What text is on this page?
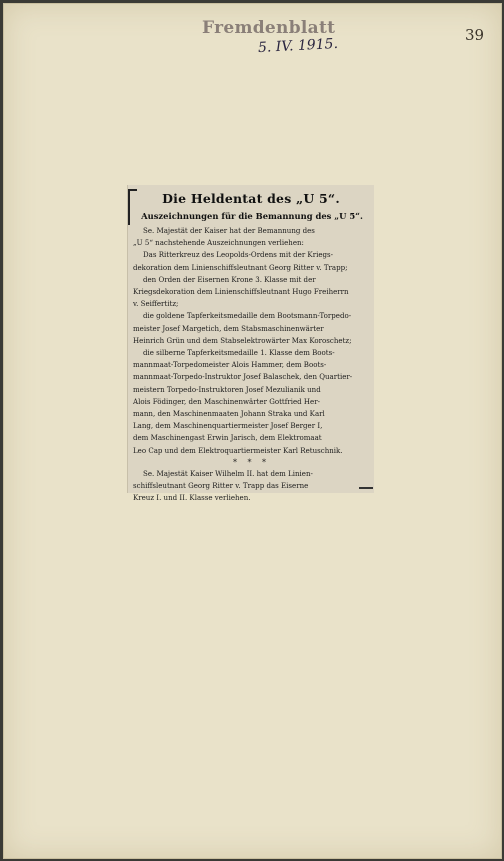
Fremdenblatt
5. IV. 1915.
39
Die Heldentat des „U 5“.
Auszeichnungen für die Bemannung des „U 5“.
Se. Majestät der Kaiser hat der Bemannung des
„U 5“ nachstehende Auszeichnungen verliehen:
Das Ritterkreuz des Leopolds-Ordens mit der Kriegs-
dekoration dem Linienschiffsleutnant Georg Ritter v. Trapp;
den Orden der Eisernen Krone 3. Klasse mit der
Kriegsdekoration dem Linienschiffsleutnant Hugo Freiherrn
v. Seiffertitz;
die goldene Tapferkeitsmedaille dem Bootsmann-Torpedo-
meister Josef Margetich, dem Stabsmaschinenwärter
Heinrich Grün und dem Stabselektrowärter Max Koroschetz;
die silberne Tapferkeitsmedaille 1. Klasse dem Boots-
mannmaat-Torpedomeister Alois Hammer, dem Boots-
mannmaat-Torpedo-Instruktor Josef Balaschek, den Quartier-
meistern Torpedo-Instruktoren Josef Mezulianik und
Alois Födinger, den Maschinenwärter Gottfried Her-
mann, den Maschinenmaaten Johann Straka und Karl
Lang, dem Maschinenquartiermeister Josef Berger I,
dem Maschinengast Erwin Jarisch, dem Elektromaat
Leo Cap und dem Elektroquartiermeister Karl Retuschnik.
* * *
Se. Majestät Kaiser Wilhelm II. hat dem Linien-
schiffsleutnant Georg Ritter v. Trapp das Eiserne
Kreuz I. und II. Klasse verliehen.
